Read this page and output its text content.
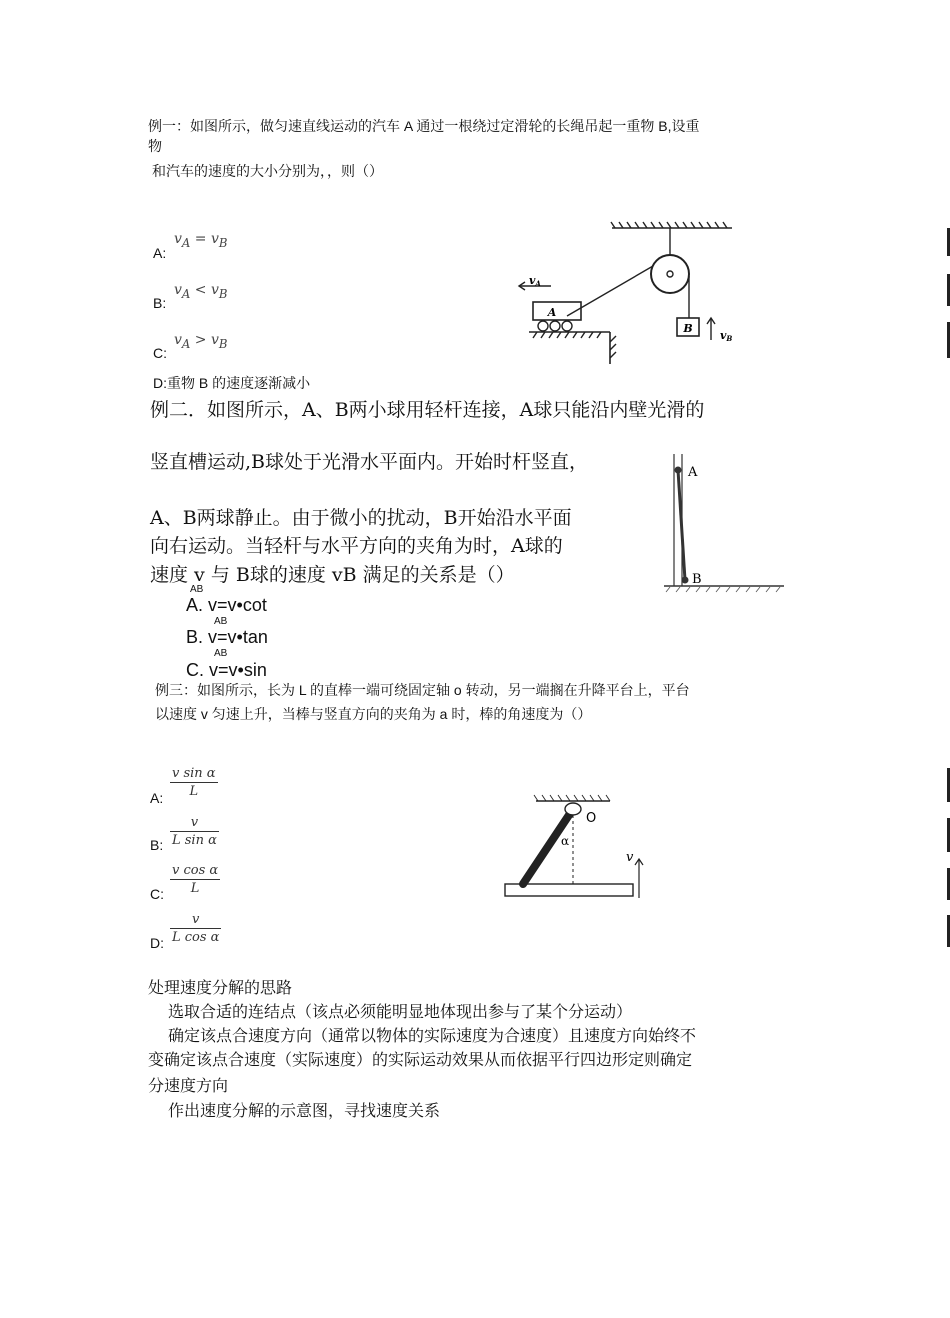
例一：如图所示，做匀速直线运动的汽车 A 通过一根绕过定滑轮的长绳吊起一重物 B,设重
物
和汽车的速度的大小分别为，，则（）
A:
$v_A = v_B$
B:
$v_A < v_B$
C:
$v_A > v_B$
D:重物 B 的速度逐渐减小
A
B
vA
vB
例二．如图所示，A、B两小球用轻杆连接，A球只能沿内壁光滑的
竖直槽运动,B球处于光滑水平面内。开始时杆竖直，
A、B两球静止。由于微小的扰动，B开始沿水平面
向右运动。当轻杆与水平方向的夹角为时，A球的
速度 v 与 B球的速度 vB 满足的关系是（）
AB
A. v=v•cot
AB
B. v=v•tan
AB
C. v=v•sin
A
B
例三：如图所示，长为 L 的直棒一端可绕固定轴 o 转动，另一端搁在升降平台上，平台
以速度 v 匀速上升，当棒与竖直方向的夹角为 a 时，棒的角速度为（）
A: $\frac{\text{v sin α}}{L}$
B: $\frac{v}{\text{L sin α}}$
C: $\frac{\text{v cos α}}{L}$
D: $\frac{v}{\text{L cos α}}$
O
α
v
处理速度分解的思路
选取合适的连结点（该点必须能明显地体现出参与了某个分运动）
确定该点合速度方向（通常以物体的实际速度为合速度）且速度方向始终不
变确定该点合速度（实际速度）的实际运动效果从而依据平行四边形定则确定
分速度方向
作出速度分解的示意图，寻找速度关系
